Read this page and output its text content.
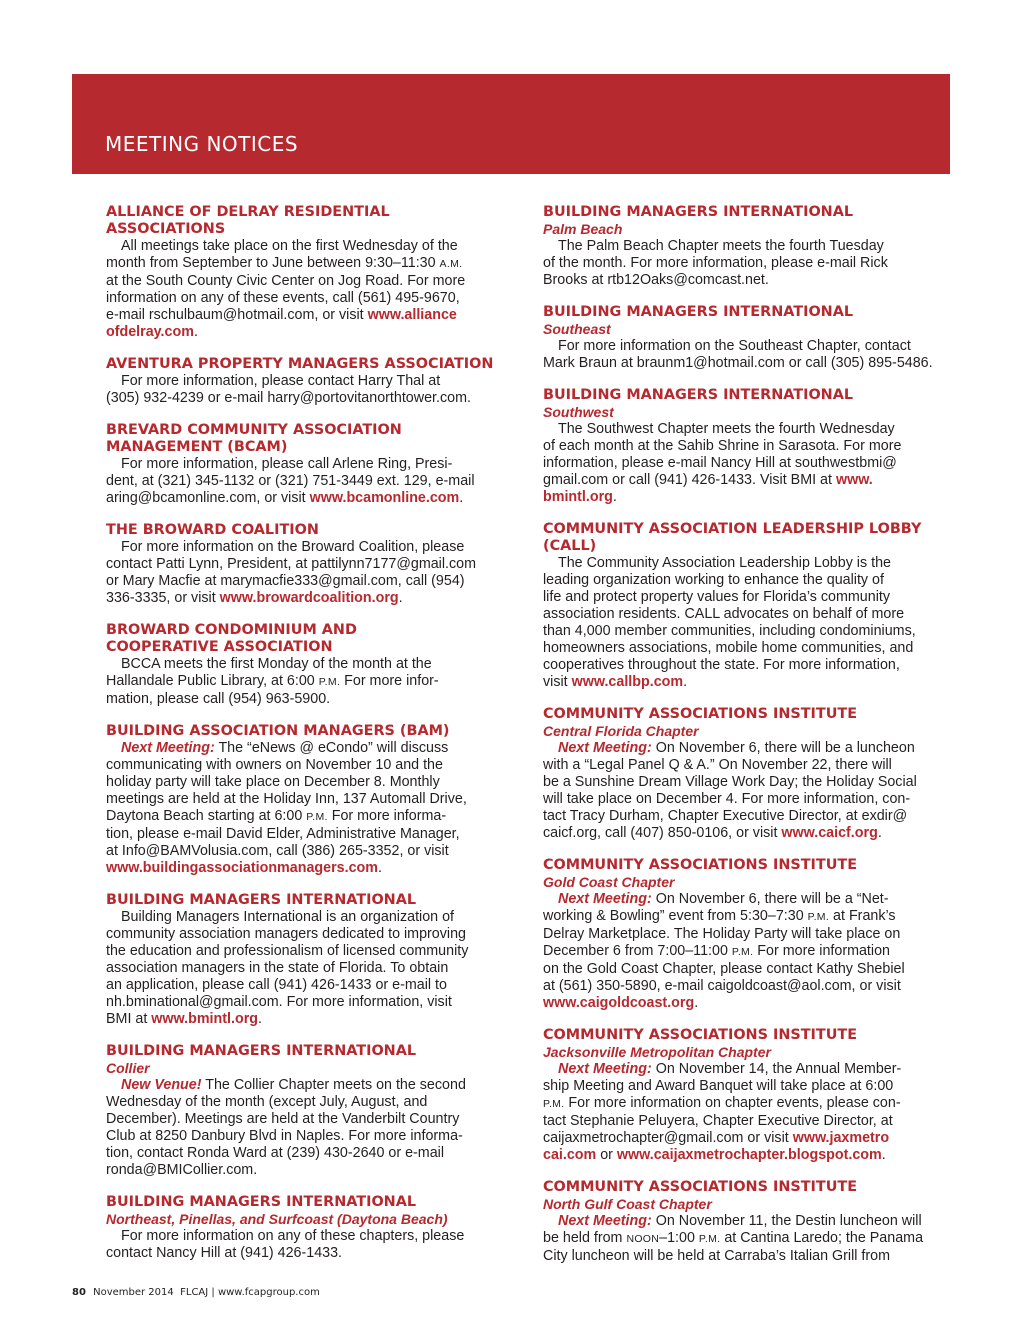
MEETING NOTICES
ALLIANCE OF DELRAY RESIDENTIAL ASSOCIATIONS

All meetings take place on the first Wednesday of the
month from September to June between 9:30–11:30 A.M.
at the South County Civic Center on Jog Road. For more
information on any of these events, call (561) 495-9670,
e-mail rschulbaum@hotmail.com, or visit www.alliance
ofdelray.com.

AVENTURA PROPERTY MANAGERS ASSOCIATION

For more information, please contact Harry Thal at
(305) 932-4239 or e-mail harry@portovitanorthtower.com.

BREVARD COMMUNITY ASSOCIATION
MANAGEMENT (BCAM)

For more information, please call Arlene Ring, Presi-
dent, at (321) 345-1132 or (321) 751-3449 ext. 129, e-mail
aring@bcamonline.com, or visit www.bcamonline.com.

THE BROWARD COALITION

For more information on the Broward Coalition, please
contact Patti Lynn, President, at pattilynn7177@gmail.com
or Mary Macfie at marymacfie333@gmail.com, call (954)
336-3335, or visit www.browardcoalition.org.

BROWARD CONDOMINIUM AND
COOPERATIVE ASSOCIATION

BCCA meets the first Monday of the month at the
Hallandale Public Library, at 6:00 P.M. For more infor-
mation, please call (954) 963-5900.

BUILDING ASSOCIATION MANAGERS (BAM)

Next Meeting: The “eNews @ eCondo” will discuss
communicating with owners on November 10 and the
holiday party will take place on December 8. Monthly
meetings are held at the Holiday Inn, 137 Automall Drive,
Daytona Beach starting at 6:00 P.M. For more informa-
tion, please e-mail David Elder, Administrative Manager,
at Info@BAMVolusia.com, call (386) 265-3352, or visit
www.buildingassociationmanagers.com.

BUILDING MANAGERS INTERNATIONAL

Building Managers International is an organization of
community association managers dedicated to improving
the education and professionalism of licensed community
association managers in the state of Florida. To obtain
an application, please call (941) 426-1433 or e-mail to
nh.bminational@gmail.com. For more information, visit
BMI at www.bmintl.org.

BUILDING MANAGERS INTERNATIONAL
Collier

New Venue! The Collier Chapter meets on the second
Wednesday of the month (except July, August, and
December). Meetings are held at the Vanderbilt Country
Club at 8250 Danbury Blvd in Naples. For more informa-
tion, contact Ronda Ward at (239) 430-2640 or e-mail
ronda@BMICollier.com.

BUILDING MANAGERS INTERNATIONAL
Northeast, Pinellas, and Surfcoast (Daytona Beach)

For more information on any of these chapters, please
contact Nancy Hill at (941) 426-1433.

BUILDING MANAGERS INTERNATIONAL
Palm Beach

The Palm Beach Chapter meets the fourth Tuesday
of the month. For more information, please e-mail Rick
Brooks at rtb12Oaks@comcast.net.

BUILDING MANAGERS INTERNATIONAL
Southeast

For more information on the Southeast Chapter, contact
Mark Braun at braunm1@hotmail.com or call (305) 895-5486.

BUILDING MANAGERS INTERNATIONAL
Southwest

The Southwest Chapter meets the fourth Wednesday
of each month at the Sahib Shrine in Sarasota. For more
information, please e-mail Nancy Hill at southwestbmi@
gmail.com or call (941) 426-1433. Visit BMI at www.
bmintl.org.

COMMUNITY ASSOCIATION LEADERSHIP LOBBY (CALL)

The Community Association Leadership Lobby is the
leading organization working to enhance the quality of
life and protect property values for Florida’s community
association residents. CALL advocates on behalf of more
than 4,000 member communities, including condominiums,
homeowners associations, mobile home communities, and
cooperatives throughout the state. For more information,
visit www.callbp.com.

COMMUNITY ASSOCIATIONS INSTITUTE
Central Florida Chapter

Next Meeting: On November 6, there will be a luncheon
with a “Legal Panel Q & A.” On November 22, there will
be a Sunshine Dream Village Work Day; the Holiday Social
will take place on December 4. For more information, con-
tact Tracy Durham, Chapter Executive Director, at exdir@
caicf.org, call (407) 850-0106, or visit www.caicf.org.

COMMUNITY ASSOCIATIONS INSTITUTE
Gold Coast Chapter

Next Meeting: On November 6, there will be a “Net-
working & Bowling” event from 5:30–7:30 P.M. at Frank’s
Delray Marketplace. The Holiday Party will take place on
December 6 from 7:00–11:00 P.M. For more information
on the Gold Coast Chapter, please contact Kathy Shebiel
at (561) 350-5890, e-mail caigoldcoast@aol.com, or visit
www.caigoldcoast.org.

COMMUNITY ASSOCIATIONS INSTITUTE
Jacksonville Metropolitan Chapter

Next Meeting: On November 14, the Annual Member-
ship Meeting and Award Banquet will take place at 6:00
P.M. For more information on chapter events, please con-
tact Stephanie Peluyera, Chapter Executive Director, at
caijaxmetrochapter@gmail.com or visit www.jaxmetro
cai.com or www.caijaxmetrochapter.blogspot.com.

COMMUNITY ASSOCIATIONS INSTITUTE
North Gulf Coast Chapter

Next Meeting: On November 11, the Destin luncheon will
be held from NOON–1:00 P.M. at Cantina Laredo; the Panama
City luncheon will be held at Carraba’s Italian Grill from

80 November 2014  FLCAJ | www.fcapgroup.com
